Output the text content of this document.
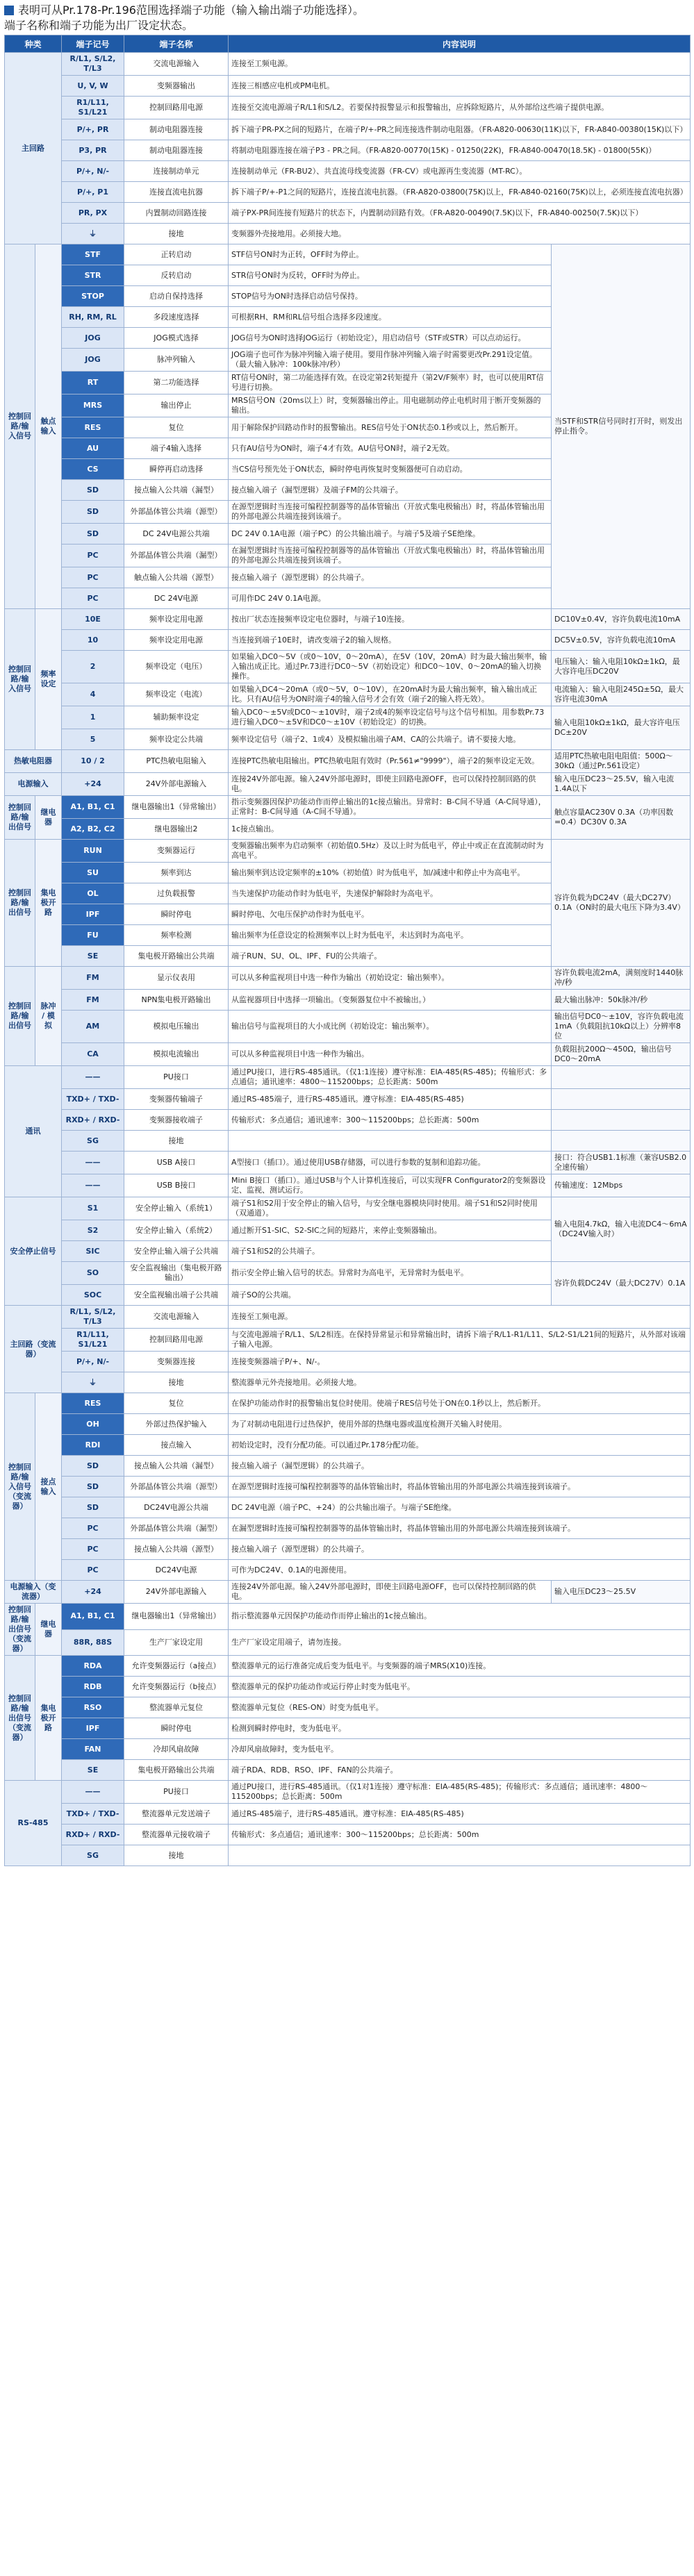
表明可从Pr.178-Pr.196范围选择端子功能（输入输出端子功能选择）。
端子名称和端子功能为出厂设定状态。
种类		端子记号	端子名称	内容说明	
主回路		R/L1, S/L2, T/L3	交流电源输入	连接至工频电源。	
		U, V, W	变频器输出	连接三相感应电机或PM电机。	
		R1/L11, S1/L21	控制回路用电源	连接至交流电源端子R/L1和S/L2。若要保持报警显示和报警输出，应拆除短路片，从外部给这些端子提供电源。	
		P/+, PR	制动电阻器连接	拆下端子PR-PX之间的短路片，在端子P/+-PR之间连接选件制动电阻器。（FR-A820-00630(11K)以下，FR-A840-00380(15K)以下）	
		P3, PR	制动电阻器连接	将制动电阻器连接在端子P3 - PR之间。（FR-A820-00770(15K) - 01250(22K)，FR-A840-00470(18.5K) - 01800(55K)）	
		P/+, N/-	连接制动单元	连接制动单元（FR-BU2）、共直流母线变流器（FR-CV）或电源再生变流器（MT-RC）。	
		P/+, P1	连接直流电抗器	拆下端子P/+-P1之间的短路片，连接直流电抗器。（FR-A820-03800(75K)以上，FR-A840-02160(75K)以上，必须连接直流电抗器）	
		PR, PX	内置制动回路连接	端子PX-PR间连接有短路片的状态下，内置制动回路有效。（FR-A820-00490(7.5K)以下，FR-A840-00250(7.5K)以下）	
		⏚	接地	变频器外壳接地用。必须接大地。	
控制回路/输入信号	触点输入	STF	正转启动	STF信号ON时为正转，OFF时为停止。	当STF和STR信号同时打开时，则发出停止指令。
		STR	反转启动	STR信号ON时为反转，OFF时为停止。	
		STOP	启动自保持选择	STOP信号为ON时选择启动信号保持。	
		RH, RM, RL	多段速度选择	可根据RH、RM和RL信号组合选择多段速度。	
		JOG	JOG模式选择	JOG信号为ON时选择JOG运行（初始设定），用启动信号（STF或STR）可以点动运行。	
		JOG	脉冲列输入	JOG端子也可作为脉冲列输入端子使用。要用作脉冲列输入端子时需要更改Pr.291设定值。（最大输入脉冲：100k脉冲/秒）	
		RT	第二功能选择	RT信号ON时，第二功能选择有效。在设定第2转矩提升（第2V/F频率）时，也可以使用RT信号进行切换。	
		MRS	输出停止	MRS信号ON（20ms以上）时，变频器输出停止。用电磁制动停止电机时用于断开变频器的输出。	
		RES	复位	用于解除保护回路动作时的报警输出。RES信号处于ON状态0.1秒或以上，然后断开。	
		AU	端子4输入选择	只有AU信号为ON时，端子4才有效。AU信号ON时，端子2无效。	
		CS	瞬停再启动选择	当CS信号预先处于ON状态，瞬时停电再恢复时变频器便可自动启动。	
		SD	接点输入公共端（漏型）	接点输入端子（漏型逻辑）及端子FM的公共端子。	
		SD	外部晶体管公共端（源型）	在源型逻辑时当连接可编程控制器等的晶体管输出（开放式集电极输出）时，将晶体管输出用的外部电源公共端连接到该端子。	
		SD	DC 24V电源公共端	DC 24V 0.1A电源（端子PC）的公共输出端子。与端子5及端子SE绝缘。	
		PC	外部晶体管公共端（漏型）	在漏型逻辑时当连接可编程控制器等的晶体管输出（开放式集电极输出）时，将晶体管输出用的外部电源公共端连接到该端子。	
		PC	触点输入公共端（源型）	接点输入端子（源型逻辑）的公共端子。	
		PC	DC 24V电源	可用作DC 24V 0.1A电源。	
控制回路/输入信号	频率设定	10E	频率设定用电源	按出厂状态连接频率设定电位器时，与端子10连接。	DC10V±0.4V，容许负载电流10mA
		10	频率设定用电源	当连接到端子10E时，请改变端子2的输入规格。	DC5V±0.5V，容许负载电流10mA
		2	频率设定（电压）	如果输入DC0～5V（或0～10V，0～20mA），在5V（10V，20mA）时为最大输出频率，输入输出成正比。通过Pr.73进行DC0～5V（初始设定）和DC0～10V、0～20mA的输入切换操作。	电压输入：输入电阻10kΩ±1kΩ，最大容许电压DC20V
		4	频率设定（电流）	如果输入DC4～20mA（或0～5V，0～10V），在20mA时为最大输出频率，输入输出成正比。只有AU信号为ON时端子4的输入信号才会有效（端子2的输入将无效）。	电流输入：输入电阻245Ω±5Ω，最大容许电流30mA
		1	辅助频率设定	输入DC0～±5V或DC0～±10V时，端子2或4的频率设定信号与这个信号相加。用参数Pr.73进行输入DC0～±5V和DC0～±10V（初始设定）的切换。	输入电阻10kΩ±1kΩ，最大容许电压DC±20V
		5	频率设定公共端	频率设定信号（端子2、1或4）及模拟输出端子AM、CA的公共端子。请不要接大地。	
热敏电阻器		10 / 2	PTC热敏电阻输入	连接PTC热敏电阻输出。PTC热敏电阻有效时（Pr.561≠"9999"），端子2的频率设定无效。	适用PTC热敏电阻电阻值：500Ω～30kΩ（通过Pr.561设定）
电源输入		+24	24V外部电源输入	连接24V外部电源。输入24V外部电源时，即使主回路电源OFF，也可以保持控制回路的供电。	输入电压DC23～25.5V，输入电流1.4A以下
控制回路/输出信号	继电器	A1, B1, C1	继电器输出1（异常输出）	指示变频器因保护功能动作而停止输出的1c接点输出。异常时：B-C间不导通（A-C间导通），正常时：B-C间导通（A-C间不导通）。	触点容量AC230V 0.3A（功率因数=0.4）DC30V 0.3A
		A2, B2, C2	继电器输出2	1c接点输出。	
控制回路/输出信号	集电极开路	RUN	变频器运行	变频器输出频率为启动频率（初始值0.5Hz）及以上时为低电平，停止中或正在直流制动时为高电平。	容许负载为DC24V（最大DC27V）0.1A（ON时的最大电压下降为3.4V）
		SU	频率到达	输出频率到达设定频率的±10%（初始值）时为低电平，加/减速中和停止中为高电平。	
		OL	过负载报警	当失速保护功能动作时为低电平，失速保护解除时为高电平。	
		IPF	瞬时停电	瞬时停电、欠电压保护动作时为低电平。	
		FU	频率检测	输出频率为任意设定的检测频率以上时为低电平，未达到时为高电平。	
		SE	集电极开路输出公共端	端子RUN、SU、OL、IPF、FU的公共端子。	
控制回路/输出信号	脉冲 / 模拟	FM	显示仪表用	可以从多种监视项目中选一种作为输出（初始设定：输出频率）。	容许负载电流2mA，满刻度时1440脉冲/秒
		FM	NPN集电极开路输出	从监视器项目中选择一项输出。（变频器复位中不被输出。）	最大输出脉冲：50k脉冲/秒
		AM	模拟电压输出	输出信号与监视项目的大小成比例（初始设定：输出频率）。	输出信号DC0～±10V，容许负载电流1mA（负载阻抗10kΩ以上）分辨率8位
		CA	模拟电流输出	可以从多种监视项目中选一种作为输出。	负载阻抗200Ω～450Ω，输出信号DC0～20mA
通讯		——	PU接口	通过PU接口，进行RS-485通讯。（仅1:1连接）遵守标准：EIA-485(RS-485)；传输形式：多点通信；通讯速率：4800～115200bps；总长距离：500m	
		TXD+ / TXD-	变频器传输端子	通过RS-485端子，进行RS-485通讯。遵守标准：EIA-485(RS-485)	
		RXD+ / RXD-	变频器接收端子	传输形式：多点通信；通讯速率：300～115200bps；总长距离：500m	
		SG	接地		
		——	USB A接口	A型接口（插口）。通过使用USB存储器，可以进行参数的复制和追踪功能。	接口：符合USB1.1标准（兼容USB2.0全速传输）
		——	USB B接口	Mini B接口（插口）。通过USB与个人计算机连接后，可以实现FR Configurator2的变频器设定、监视、测试运行。	传输速度：12Mbps
安全停止信号		S1	安全停止输入（系统1）	端子S1和S2用于安全停止的输入信号，与安全继电器模块同时使用。端子S1和S2同时使用（双通道）。	输入电阻4.7kΩ，输入电流DC4～6mA（DC24V输入时）
		S2	安全停止输入（系统2）	通过断开S1-SIC、S2-SIC之间的短路片，来停止变频器输出。	
		SIC	安全停止输入端子公共端	端子S1和S2的公共端子。	
		SO	安全监视输出（集电极开路输出）	指示安全停止输入信号的状态。异常时为高电平，无异常时为低电平。	容许负载DC24V（最大DC27V）0.1A
		SOC	安全监视输出端子公共端	端子SO的公共端。	
主回路（变流器）		R/L1, S/L2, T/L3	交流电源输入	连接至工频电源。	
		R1/L11, S1/L21	控制回路用电源	与交流电源端子R/L1、S/L2相连。在保持异常显示和异常输出时，请拆下端子R/L1-R1/L11、S/L2-S1/L21间的短路片，从外部对该端子输入电源。	
		P/+, N/-	变频器连接	连接变频器端子P/+、N/-。	
		⏚	接地	整流器单元外壳接地用。必须接大地。	
控制回路/输入信号（变流器）	接点输入	RES	复位	在保护功能动作时的报警输出复位时使用。使端子RES信号处于ON在0.1秒以上，然后断开。	
		OH	外部过热保护输入	为了对制动电阻进行过热保护，使用外部的热继电器或温度检测开关输入时使用。	
		RDI	接点输入	初始设定时，没有分配功能。可以通过Pr.178分配功能。	
		SD	接点输入公共端（漏型）	接点输入端子（漏型逻辑）的公共端子。	
		SD	外部晶体管公共端（源型）	在源型逻辑时连接可编程控制器等的晶体管输出时，将晶体管输出用的外部电源公共端连接到该端子。	
		SD	DC24V电源公共端	DC 24V电源（端子PC、+24）的公共输出端子。与端子SE绝缘。	
		PC	外部晶体管公共端（漏型）	在漏型逻辑时连接可编程控制器等的晶体管输出时，将晶体管输出用的外部电源公共端连接到该端子。	
		PC	接点输入公共端（源型）	接点输入端子（源型逻辑）的公共端子。	
		PC	DC24V电源	可作为DC24V、0.1A的电源使用。	
电源输入（变流器）		+24	24V外部电源输入	连接24V外部电源。输入24V外部电源时，即使主回路电源OFF，也可以保持控制回路的供电。	输入电压DC23～25.5V
控制回路/输出信号（变流器）	继电器	A1, B1, C1	继电器输出1（异常输出）	指示整流器单元因保护功能动作而停止输出的1c接点输出。	
		88R, 88S	生产厂家设定用	生产厂家设定用端子，请勿连接。	
控制回路/输出信号（变流器）	集电极开路	RDA	允许变频器运行（a接点）	整流器单元的运行准备完成后变为低电平。与变频器的端子MRS(X10)连接。	
		RDB	允许变频器运行（b接点）	整流器单元的保护功能动作或运行停止时变为低电平。	
		RSO	整流器单元复位	整流器单元复位（RES-ON）时变为低电平。	
		IPF	瞬时停电	检测到瞬时停电时，变为低电平。	
		FAN	冷却风扇故障	冷却风扇故障时，变为低电平。	
		SE	集电极开路输出公共端	端子RDA、RDB、RSO、IPF、FAN的公共端子。	
RS-485		——	PU接口	通过PU接口，进行RS-485通讯。（仅1对1连接）遵守标准：EIA-485(RS-485)；传输形式：多点通信；通讯速率：4800～115200bps；总长距离：500m	
		TXD+ / TXD-	整流器单元发送端子	通过RS-485端子，进行RS-485通讯。遵守标准：EIA-485(RS-485)	
		RXD+ / RXD-	整流器单元接收端子	传输形式：多点通信；通讯速率：300～115200bps；总长距离：500m	
		SG	接地		
